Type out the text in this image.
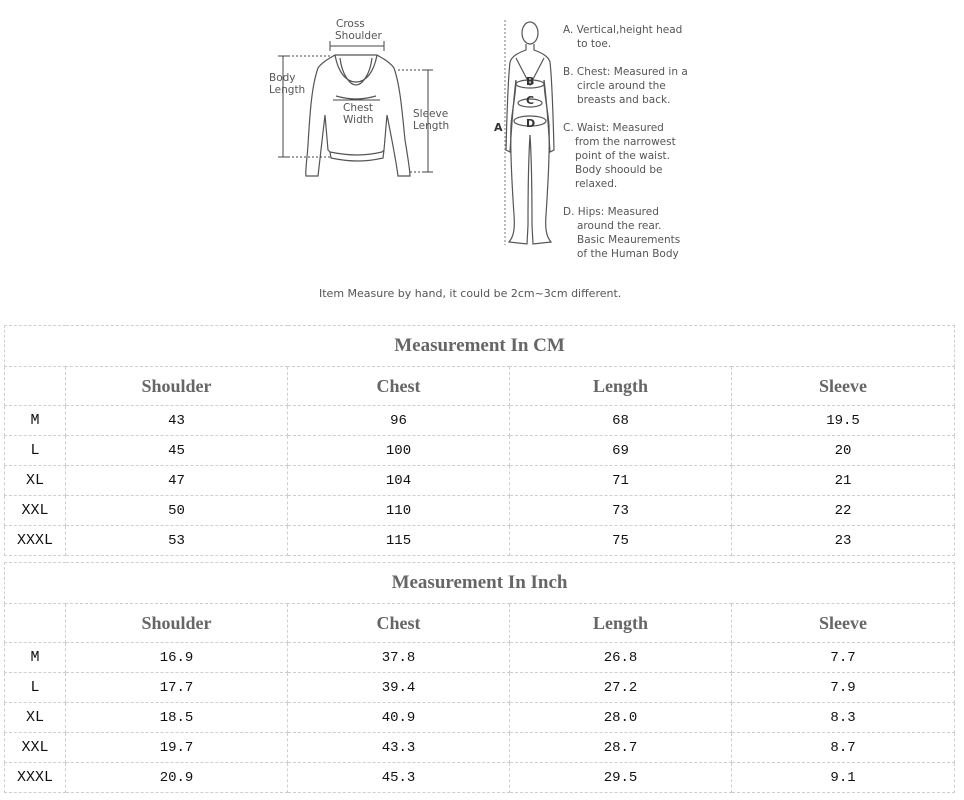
Cross
Shoulder
Body
Length
Chest
Width	Sleeve
Length	A
B
C
D
A. Vertical,height head
to toe.
B. Chest: Measured in a
circle around the
breasts and back.
C. Waist: Measured
from the narrowest
point of the waist.
Body shoould be
relaxed.
D. Hips: Measured
around the rear.
Basic Meaurements
of the Human Body
Item Measure by hand, it could be 2cm~3cm different.
Measurement In CM				
	Shoulder	Chest	Length	Sleeve
M	43	96	68	19.5
L	45	100	69	20
XL	47	104	71	21
XXL	50	110	73	22
XXXL	53	115	75	23
Measurement In Inch				
	Shoulder	Chest	Length	Sleeve
M	16.9	37.8	26.8	7.7
L	17.7	39.4	27.2	7.9
XL	18.5	40.9	28.0	8.3
XXL	19.7	43.3	28.7	8.7
XXXL	20.9	45.3	29.5	9.1
